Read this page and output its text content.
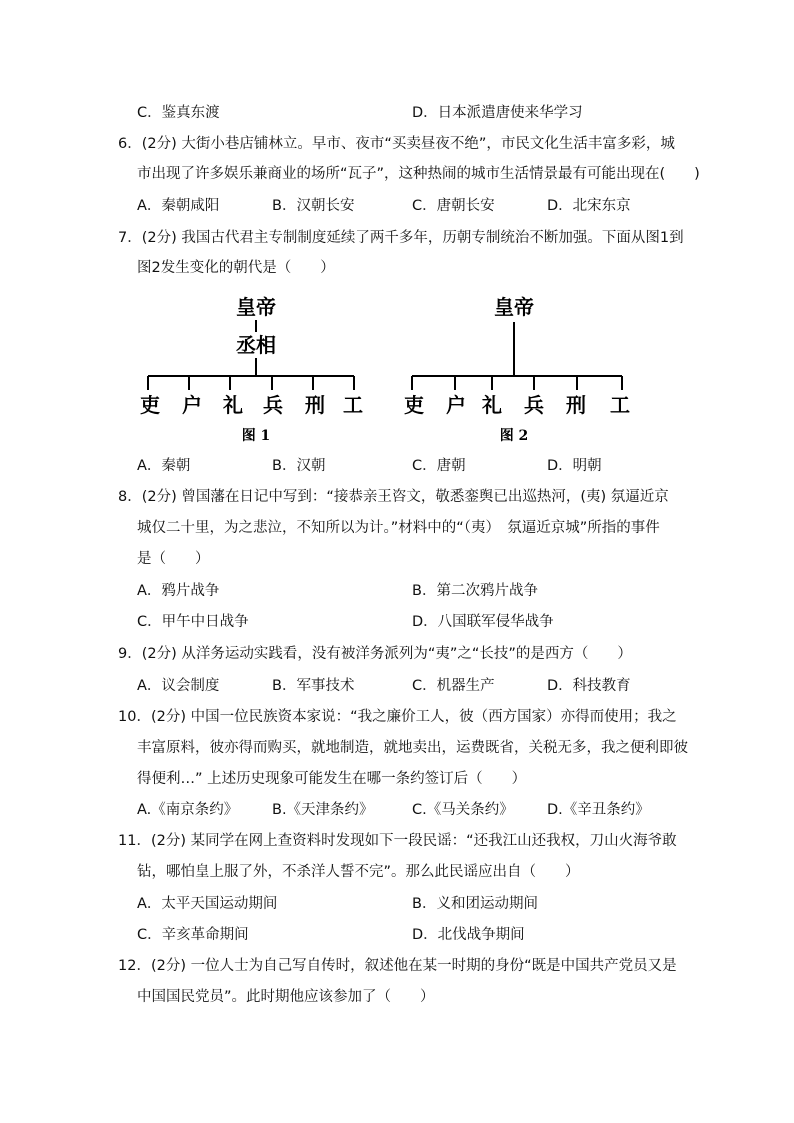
C．鉴真东渡	D．日本派遣唐使来华学习
6．(2分) 大街小巷店铺林立。早市、夜市“买卖昼夜不绝”，市民文化生活丰富多彩，城
市出现了许多娱乐兼商业的场所“瓦子”，这种热闹的城市生活情景最有可能出现在(　　)
A．秦朝咸阳	B．汉朝长安	C．唐朝长安	D．北宋东京
7．(2分) 我国古代君主专制制度延续了两千多年，历朝专制统治不断加强。下面从图1到
图2发生变化的朝代是（　　）
皇帝
丞相
吏 户 礼 兵 刑 工
图 1
皇帝
吏 户 礼 兵 刑 工
图 2
A．秦朝	B．汉朝	C．唐朝	D．明朝
8．(2分) 曾国藩在日记中写到：“接恭亲王咨文，敬悉銮舆已出巡热河，(夷) 氛逼近京
城仅二十里，为之悲泣，不知所以为计。”材料中的“（夷）　氛逼近京城”所指的事件
是（　　）
A．鸦片战争	B．第二次鸦片战争
C．甲午中日战争	D．八国联军侵华战争
9．(2分) 从洋务运动实践看，没有被洋务派列为“夷”之“长技”的是西方（　　）
A．议会制度	B．军事技术	C．机器生产	D．科技教育
10．(2分) 中国一位民族资本家说：“我之廉价工人，彼（西方国家）亦得而使用；我之
丰富原料，彼亦得而购买，就地制造，就地卖出，运费既省，关税无多，我之便利即彼
得便利…” 上述历史现象可能发生在哪一条约签订后（　　）
A.《南京条约》 B.《天津条约》	C.《马关条约》 D.《辛丑条约》
11．(2分) 某同学在网上查资料时发现如下一段民谣：“还我江山还我权，刀山火海爷敢
钻，哪怕皇上服了外，不杀洋人誓不完”。那么此民谣应出自（　　）
A．太平天国运动期间	B．义和团运动期间
C．辛亥革命期间	D．北伐战争期间
12．(2分) 一位人士为自己写自传时，叙述他在某一时期的身份“既是中国共产党员又是
中国国民党员”。此时期他应该参加了（　　）
